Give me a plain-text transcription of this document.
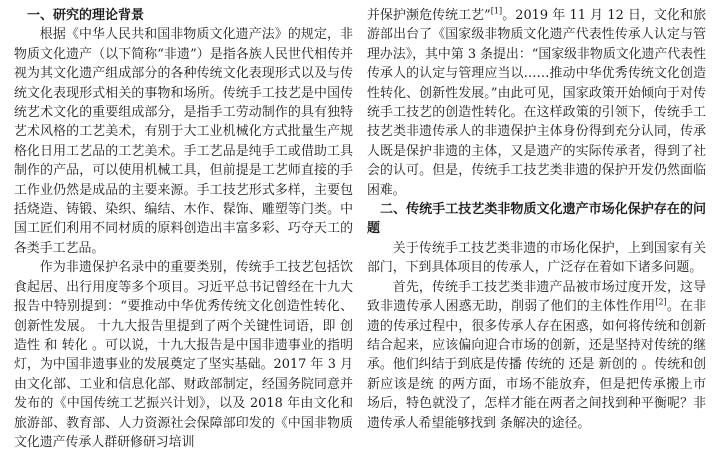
一、研究的理论背景

根据《中华人民共和国非物质文化遗产法》的规定，非物质文化遗产（以下简称“非遗”）是指各族人民世代相传并视为其文化遗产组成部分的各种传统文化表现形式以及与传统文化表现形式相关的事物和场所。传统手工技艺是中国传统艺术文化的重要组成部分，是指手工劳动制作的具有独特艺术风格的工艺美术，有别于大工业机械化方式批量生产规格化日用工艺品的工艺美术。手工艺品是纯手工或借助工具制作的产品，可以使用机械工具，但前提是工艺师直接的手工作业仍然是成品的主要来源。手工技艺形式多样，主要包括烧造、铸锻、染织、编结、木作、髹饰、雕塑等门类。中国工匠们利用不同材质的原料创造出丰富多彩、巧夺天工的各类手工艺品。

作为非遗保护名录中的重要类别，传统手工技艺包括饮食起居、出行用度等多个项目。习近平总书记曾经在十九大报告中特别提到：“要推动中华优秀传统文化创造性转化、创新性发展。 十九大报告里提到了两个关键性词语，即 创造性 和 转化 。可以说，十九大报告是中国非遗事业的指明灯，为中国非遗事业的发展奠定了坚实基础。2017 年 3 月由文化部、工业和信息化部、财政部制定，经国务院同意并发布的《中国传统工艺振兴计划》，以及 2018 年由文化和旅游部、教育部、人力资源社会保障部印发的《中国非物质文化遗产传承人群研修研习培训

并保护濒危传统工艺”[1]。2019 年 11 月 12 日，文化和旅游部出台了《国家级非物质文化遗产代表性传承人认定与管理办法》，其中第 3 条提出：“国家级非物质文化遗产代表性传承人的认定与管理应当以……推动中华优秀传统文化创造性转化、创新性发展。”由此可见，国家政策开始倾向于对传统手工技艺的创造性转化。在这样政策的引领下，传统手工技艺类非遗传承人的非遗保护主体身份得到充分认同，传承人既是保护非遗的主体，又是遗产的实际传承者，得到了社会的认可。但是，传统手工技艺类非遗的保护开发仍然面临困难。

二、传统手工技艺类非物质文化遗产市场化保护存在的问题

关于传统手工技艺类非遗的市场化保护，上到国家有关部门，下到具体项目的传承人，广泛存在着如下诸多问题。

首先，传统手工技艺类非遗产品被市场过度开发，这导致非遗传承人困惑无助，削弱了他们的主体性作用[2]。在非遗的传承过程中，很多传承人存在困惑，如何将传统和创新结合起来，应该偏向迎合市场的创新，还是坚持对传统的继承。他们纠结于到底是传播 传统的 还是 新创的 。传统和创新应该是统 的两方面，市场不能放弃，但是把传承搬上市场后，特色就没了，怎样才能在两者之间找到种平衡呢？非遗传承人希望能够找到 条解决的途径。
